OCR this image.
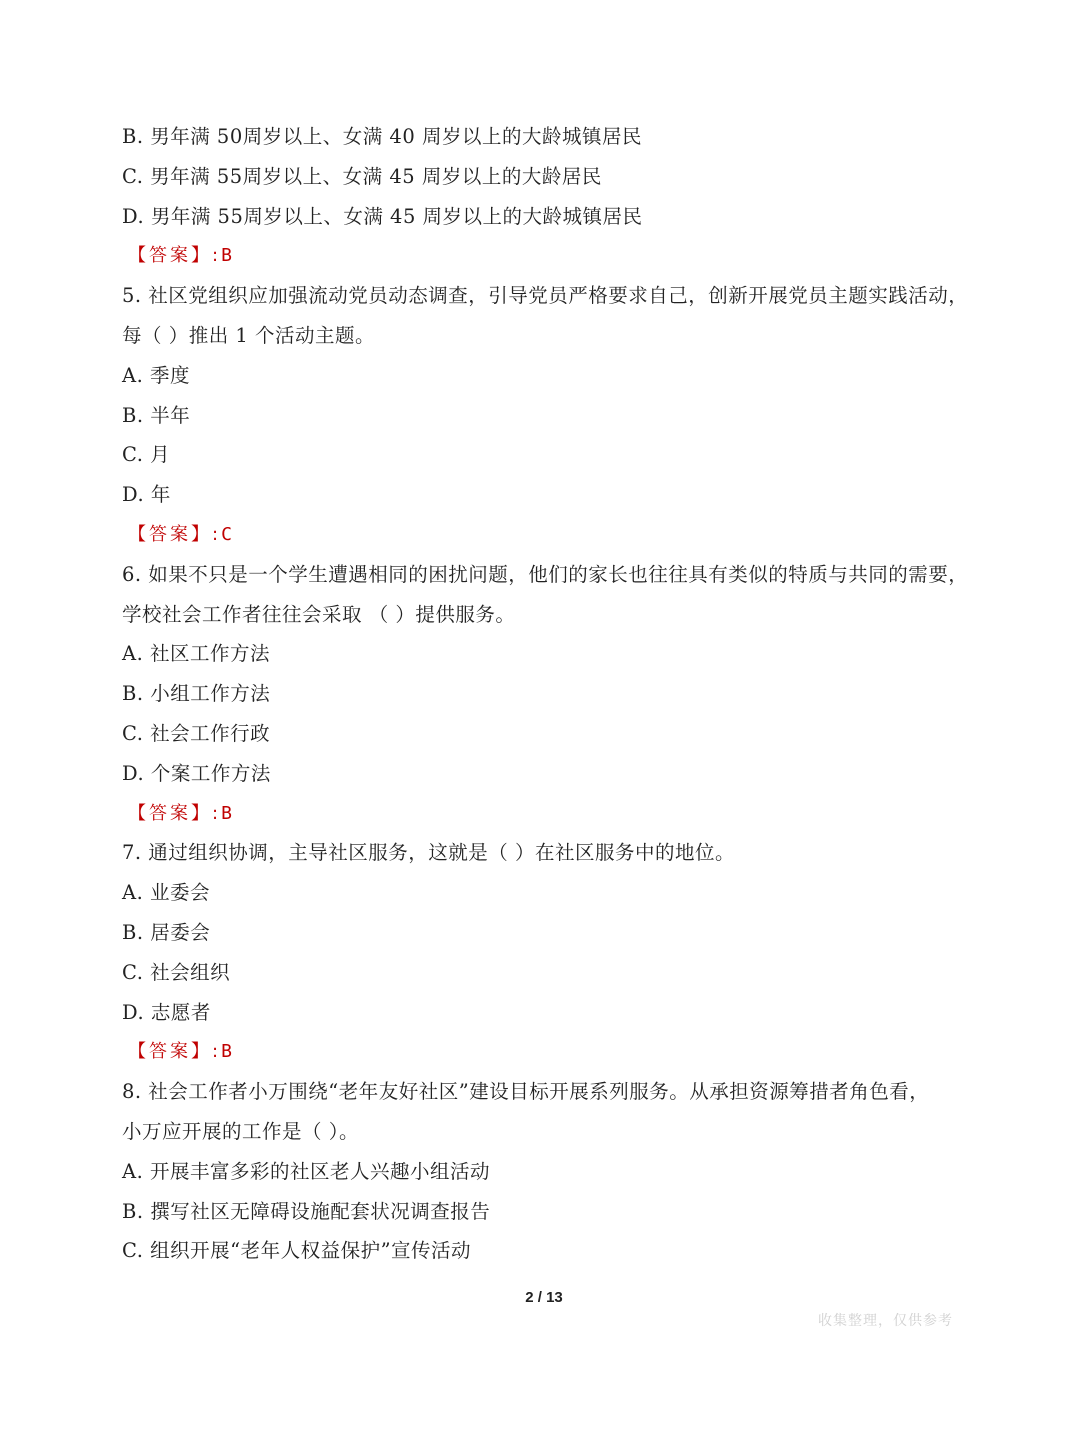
B. 男年满 50周岁以上、女满 40 周岁以上的大龄城镇居民
C. 男年满 55周岁以上、女满 45 周岁以上的大龄居民
D. 男年满 55周岁以上、女满 45 周岁以上的大龄城镇居民
【答案】:B
5. 社区党组织应加强流动党员动态调查，引导党员严格要求自己，创新开展党员主题实践活动，
每（ ）推出 1 个活动主题。
A. 季度
B. 半年
C. 月
D. 年
【答案】:C
6. 如果不只是一个学生遭遇相同的困扰问题，他们的家长也往往具有类似的特质与共同的需要，
学校社会工作者往往会采取 （ ）提供服务。
A. 社区工作方法
B. 小组工作方法
C. 社会工作行政
D. 个案工作方法
【答案】:B
7. 通过组织协调，主导社区服务，这就是（ ）在社区服务中的地位。
A. 业委会
B. 居委会
C. 社会组织
D. 志愿者
【答案】:B
8. 社会工作者小万围绕“老年友好社区”建设目标开展系列服务。从承担资源筹措者角色看，
小万应开展的工作是（ ）。
A. 开展丰富多彩的社区老人兴趣小组活动
B. 撰写社区无障碍设施配套状况调查报告
C. 组织开展“老年人权益保护”宣传活动
2 / 13
收集整理，仅供参考
